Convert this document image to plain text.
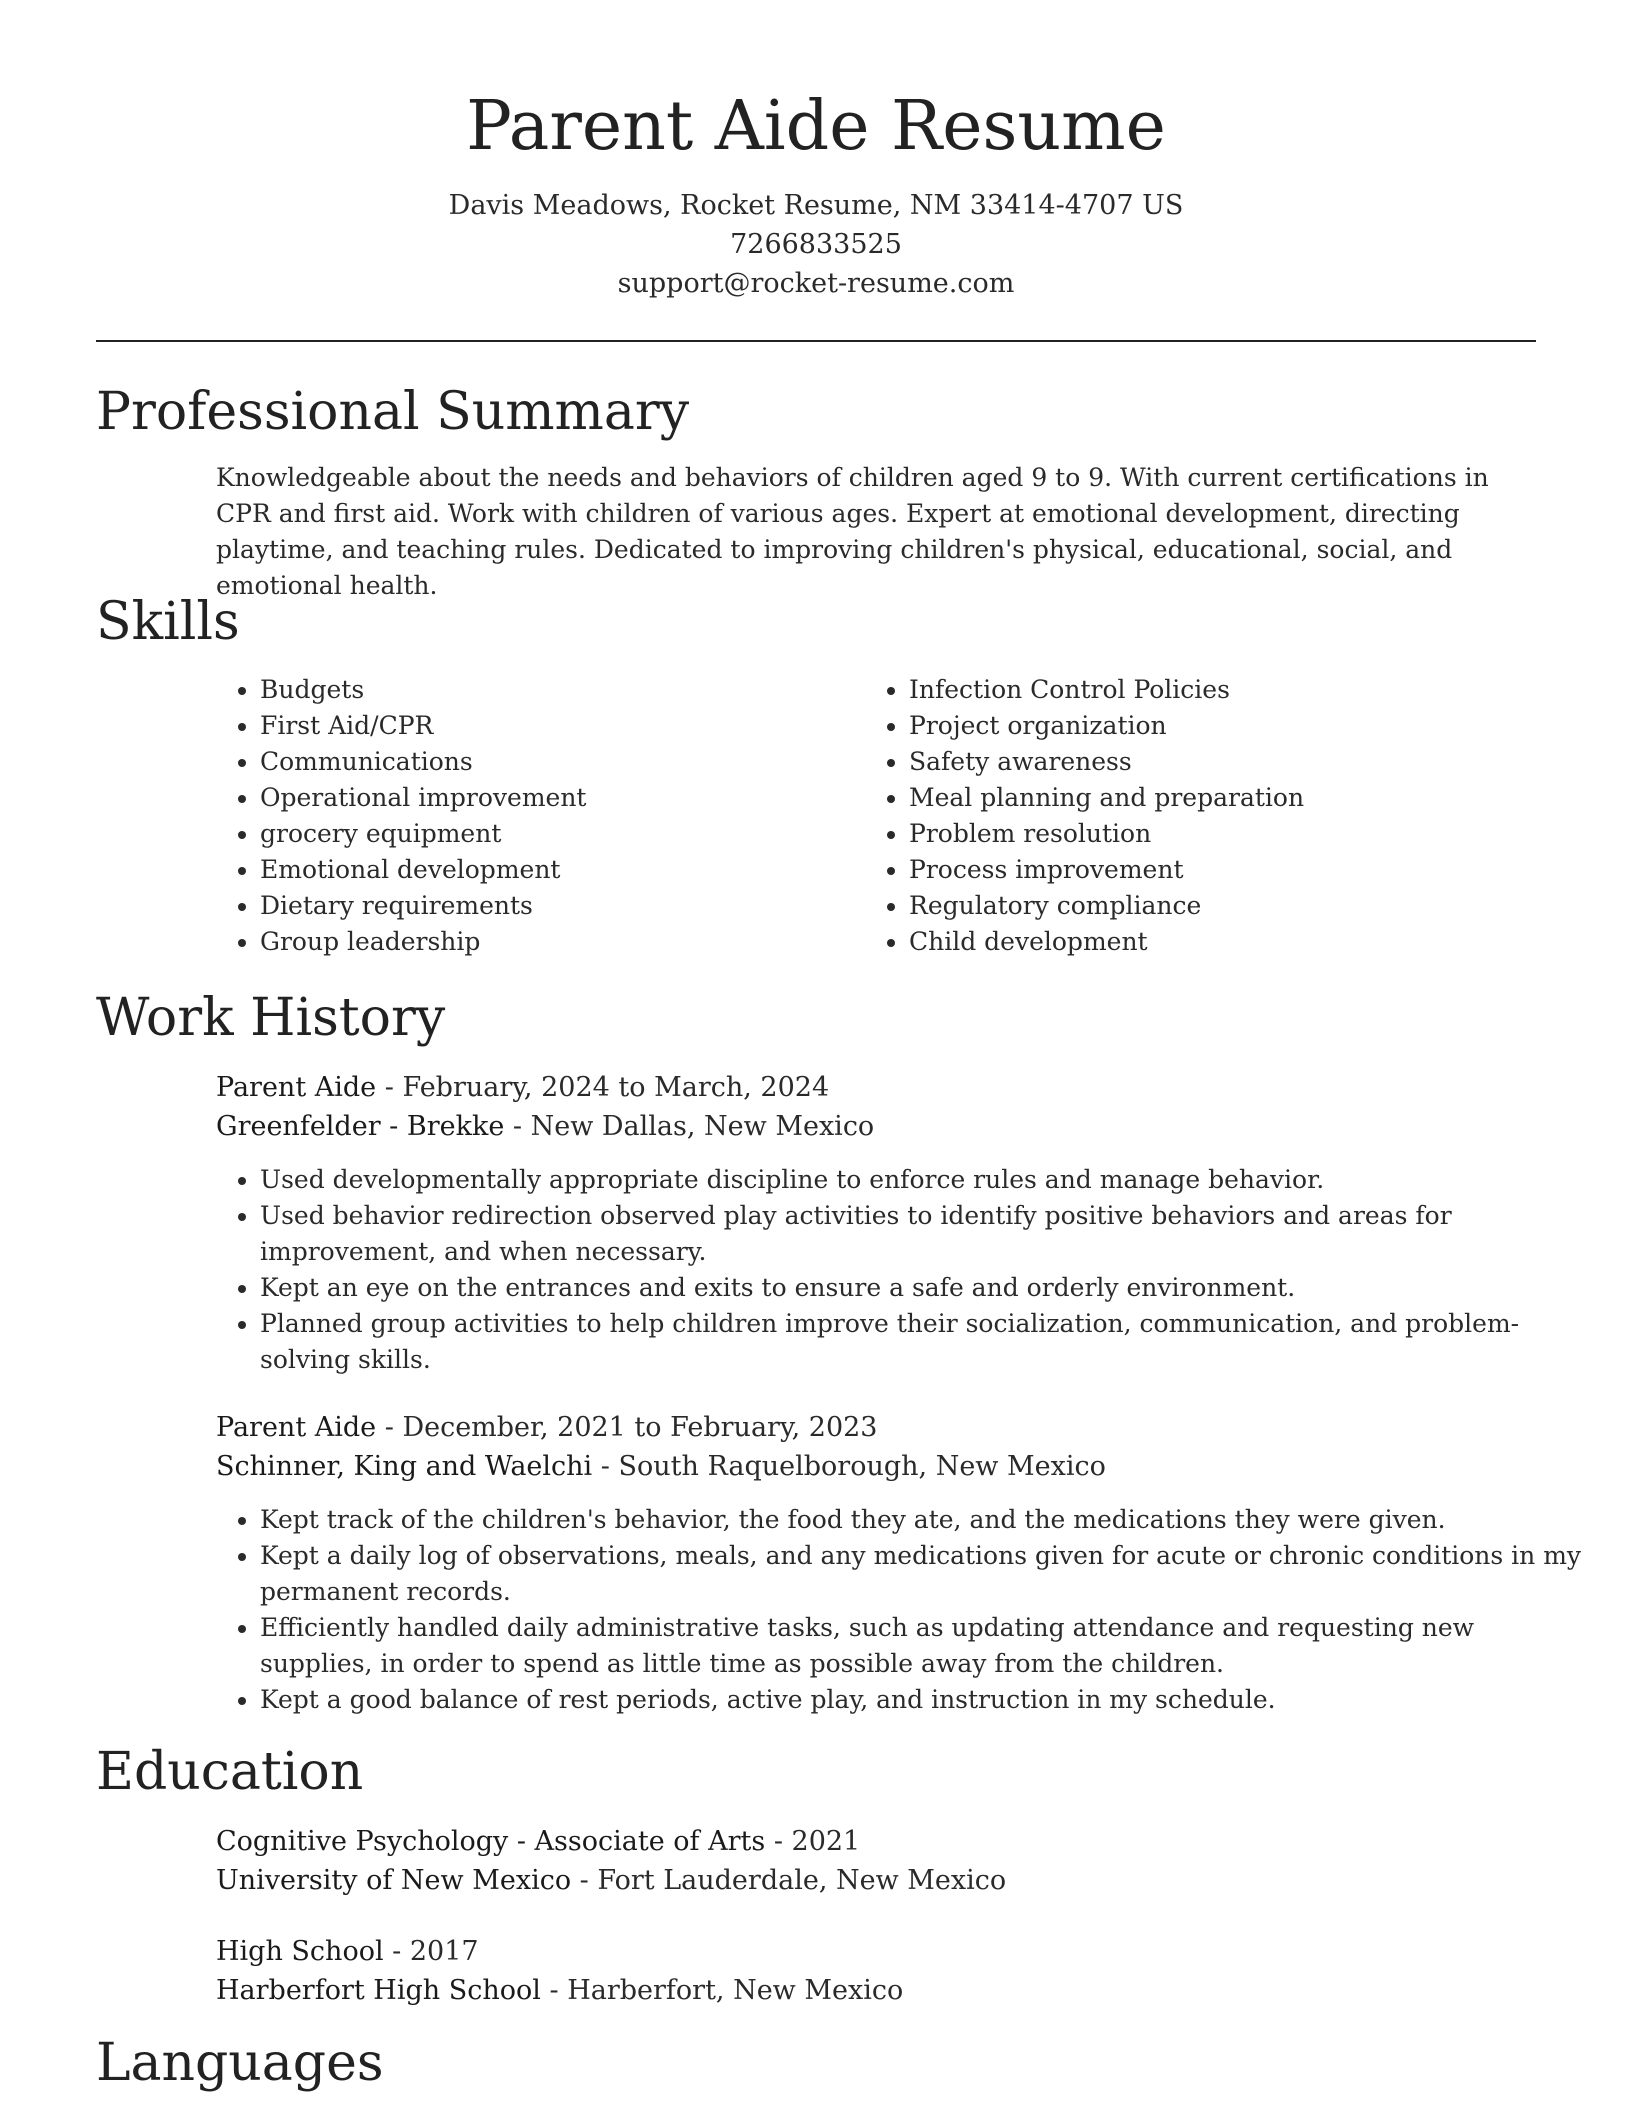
Parent Aide Resume
Davis Meadows, Rocket Resume, NM 33414-4707 US
7266833525
support@rocket-resume.com
Professional Summary

Knowledgeable about the needs and behaviors of children aged 9 to 9. With current certifications in CPR and first aid. Work with children of various ages. Expert at emotional development, directing playtime, and teaching rules. Dedicated to improving children's physical, educational, social, and emotional health.

Skills
• Budgets
• First Aid/CPR
• Communications
• Operational improvement
• grocery equipment
• Emotional development
• Dietary requirements
• Group leadership
• Infection Control Policies
• Project organization
• Safety awareness
• Meal planning and preparation
• Problem resolution
• Process improvement
• Regulatory compliance
• Child development
Work History
Parent Aide - February, 2024 to March, 2024
Greenfelder - Brekke - New Dallas, New Mexico
• Used developmentally appropriate discipline to enforce rules and manage behavior.
• Used behavior redirection observed play activities to identify positive behaviors and areas for improvement, and when necessary.
• Kept an eye on the entrances and exits to ensure a safe and orderly environment.
• Planned group activities to help children improve their socialization, communication, and problem-solving skills.
Parent Aide - December, 2021 to February, 2023
Schinner, King and Waelchi - South Raquelborough, New Mexico
• Kept track of the children's behavior, the food they ate, and the medications they were given.
• Kept a daily log of observations, meals, and any medications given for acute or chronic conditions in my permanent records.
• Efficiently handled daily administrative tasks, such as updating attendance and requesting new supplies, in order to spend as little time as possible away from the children.
• Kept a good balance of rest periods, active play, and instruction in my schedule.
Education
Cognitive Psychology - Associate of Arts - 2021
University of New Mexico - Fort Lauderdale, New Mexico
High School - 2017
Harberfort High School - Harberfort, New Mexico
Languages
